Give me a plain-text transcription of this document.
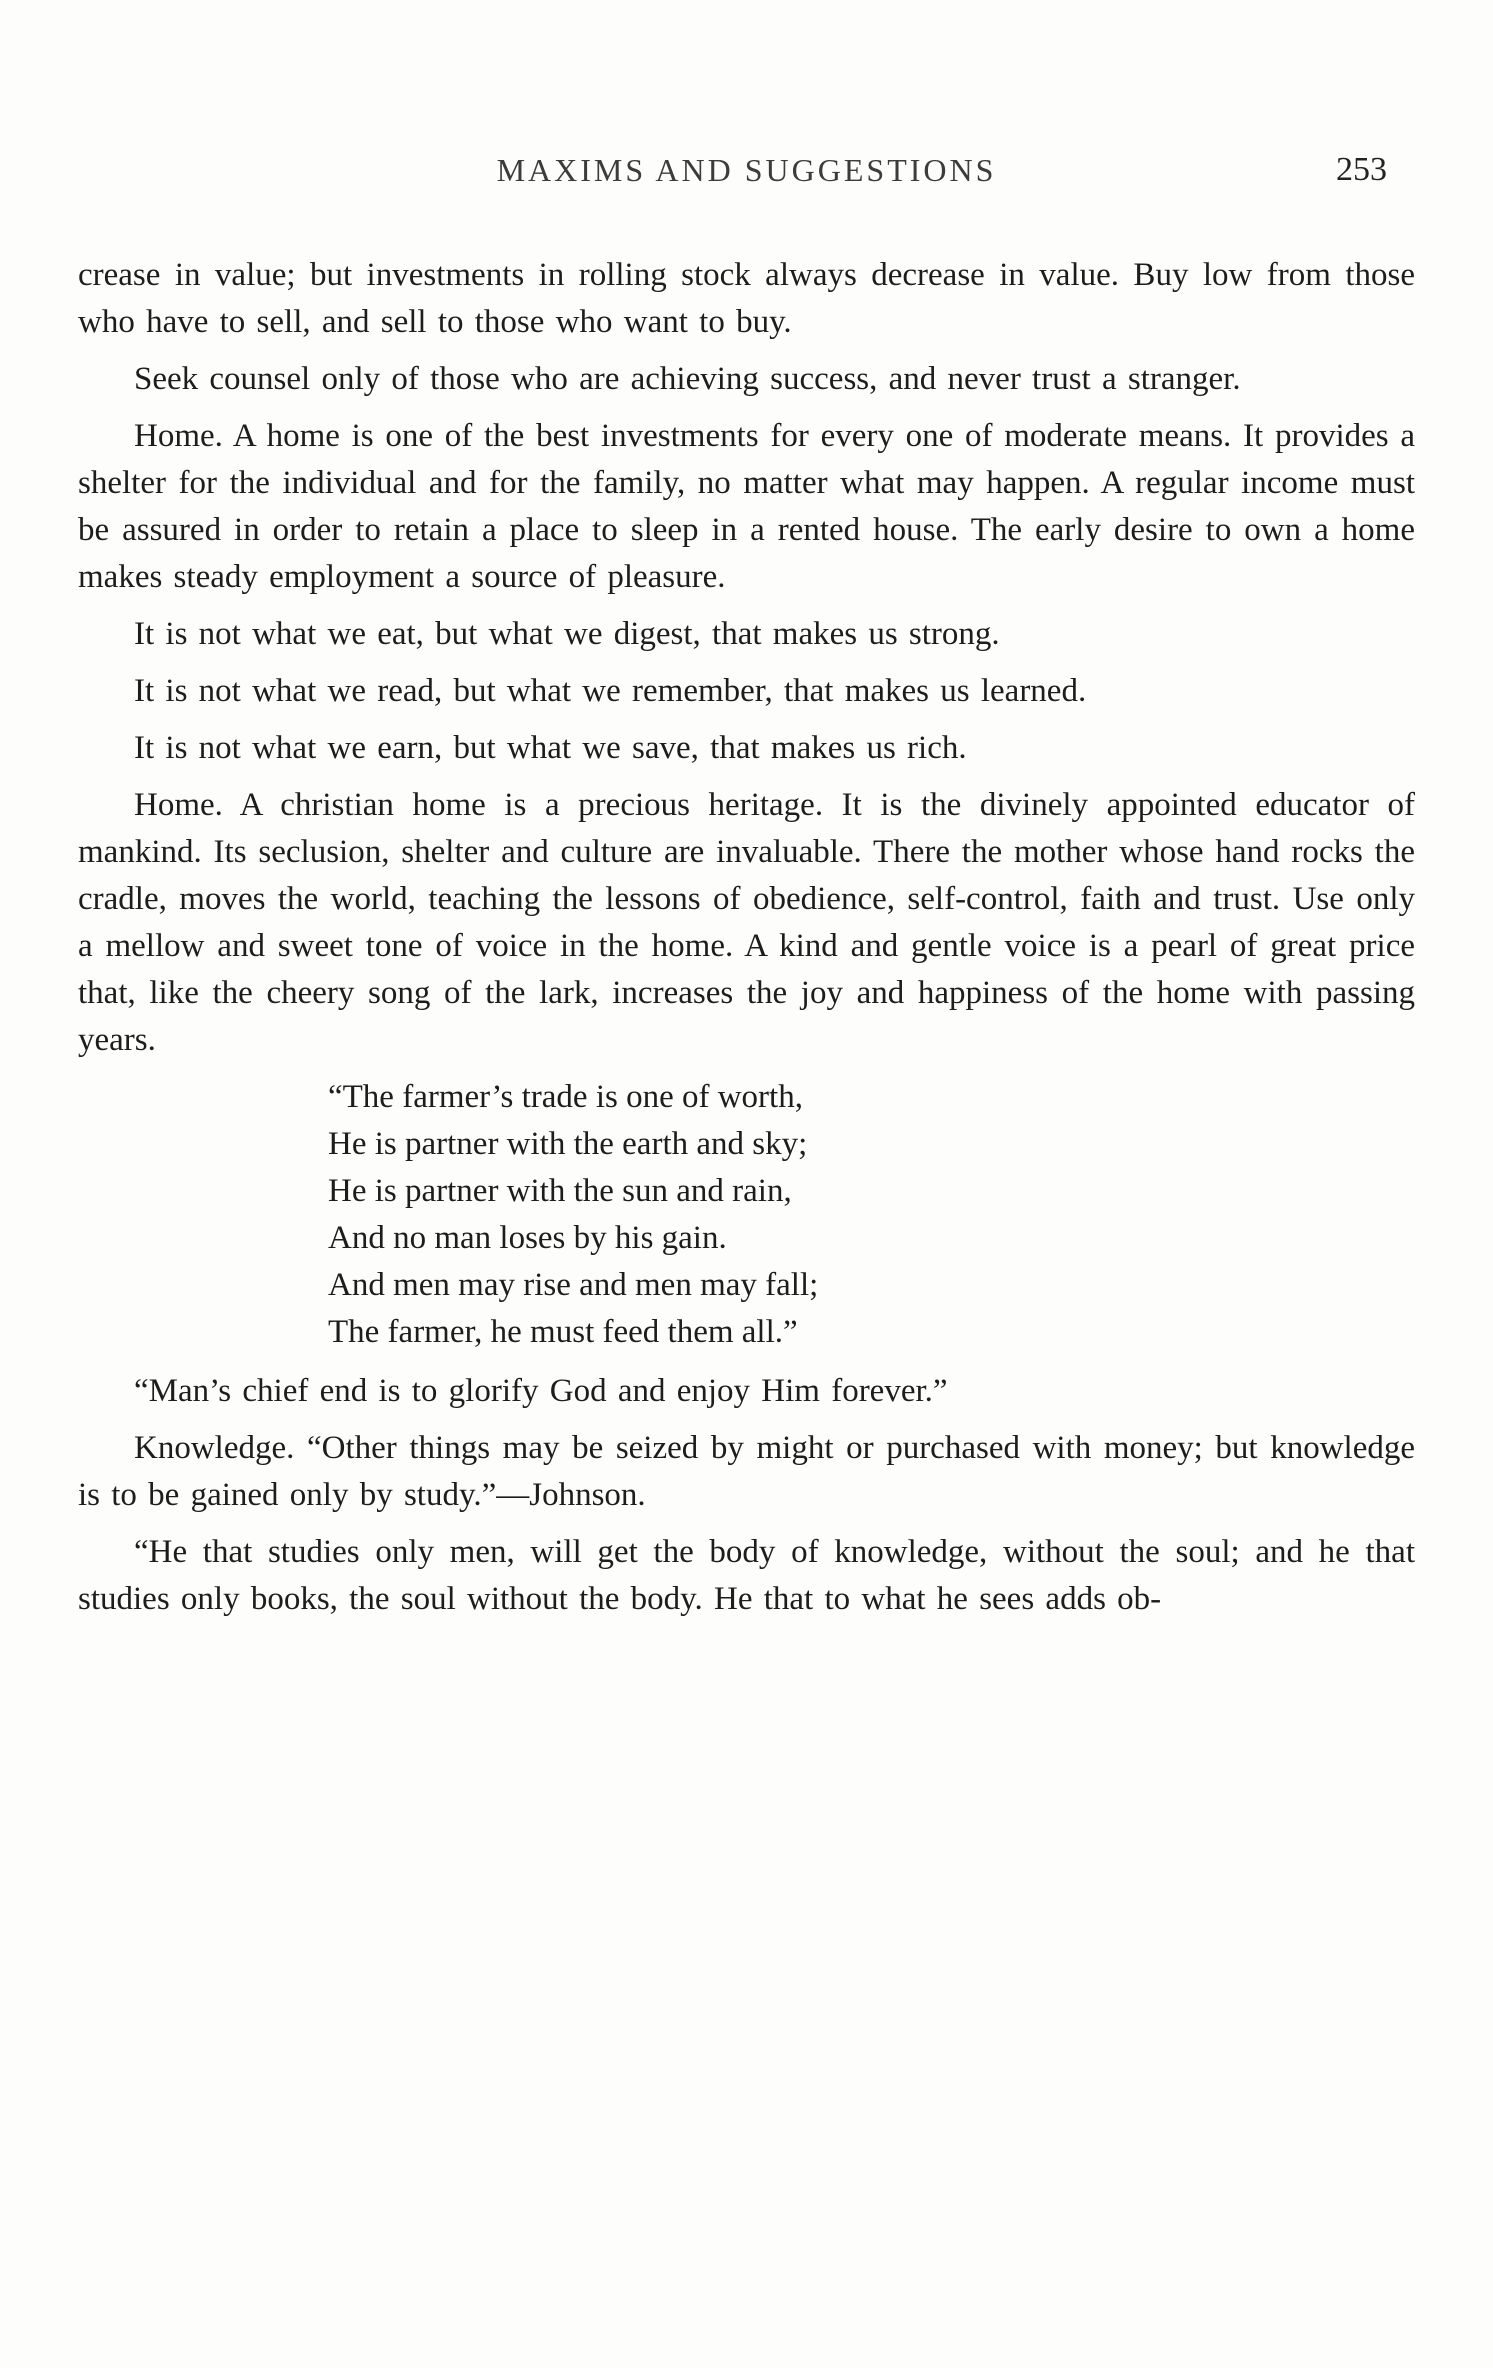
MAXIMS AND SUGGESTIONS	253

crease in value; but investments in rolling stock always decrease in value. Buy low from those who have to sell, and sell to those who want to buy.

Seek counsel only of those who are achieving success, and never trust a stranger.

Home. A home is one of the best investments for every one of moderate means. It provides a shelter for the individual and for the family, no matter what may happen. A regular income must be assured in order to retain a place to sleep in a rented house. The early desire to own a home makes steady employment a source of pleasure.

It is not what we eat, but what we digest, that makes us strong.

It is not what we read, but what we remember, that makes us learned.

It is not what we earn, but what we save, that makes us rich.

Home. A christian home is a precious heritage. It is the divinely appointed educator of mankind. Its seclusion, shelter and culture are invaluable. There the mother whose hand rocks the cradle, moves the world, teaching the lessons of obedience, self-control, faith and trust. Use only a mellow and sweet tone of voice in the home. A kind and gentle voice is a pearl of great price that, like the cheery song of the lark, increases the joy and happiness of the home with passing years.

“The farmer’s trade is one of worth,
He is partner with the earth and sky;
He is partner with the sun and rain,
And no man loses by his gain.
And men may rise and men may fall;
The farmer, he must feed them all.”

“Man’s chief end is to glorify God and enjoy Him forever.”

Knowledge. “Other things may be seized by might or purchased with money; but knowledge is to be gained only by study.”—Johnson.

“He that studies only men, will get the body of knowledge, without the soul; and he that studies only books, the soul without the body. He that to what he sees adds ob-
